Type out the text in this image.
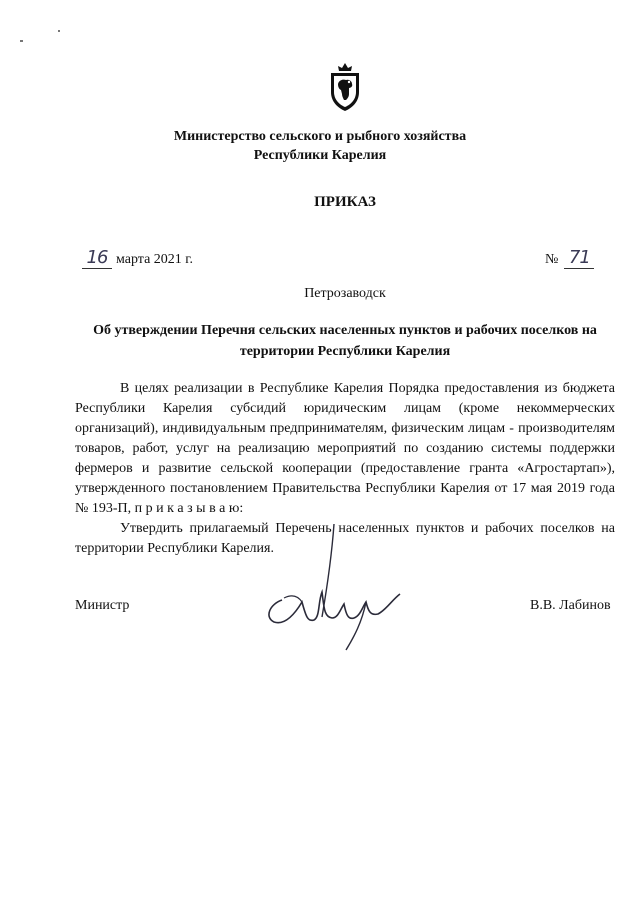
Министерство сельского и рыбного хозяйства
Республики Карелия
ПРИКАЗ
16 марта 2021 г.	№ 71
Петрозаводск
Об утверждении Перечня сельских населенных пунктов и рабочих поселков на территории Республики Карелия

В целях реализации в Республике Карелия Порядка предоставления из бюджета Республики Карелия субсидий юридическим лицам (кроме некоммерческих организаций), индивидуальным предпринимателям, физическим лицам - производителям товаров, работ, услуг на реализацию мероприятий по созданию системы поддержки фермеров и развитие сельской кооперации (предоставление гранта «Агростартап»), утвержденного постановлением Правительства Республики Карелия от 17 мая 2019 года № 193-П, п р и к а з ы в а ю:

Утвердить прилагаемый Перечень населенных пунктов и рабочих поселков на территории Республики Карелия.

Министр	В.В. Лабинов
